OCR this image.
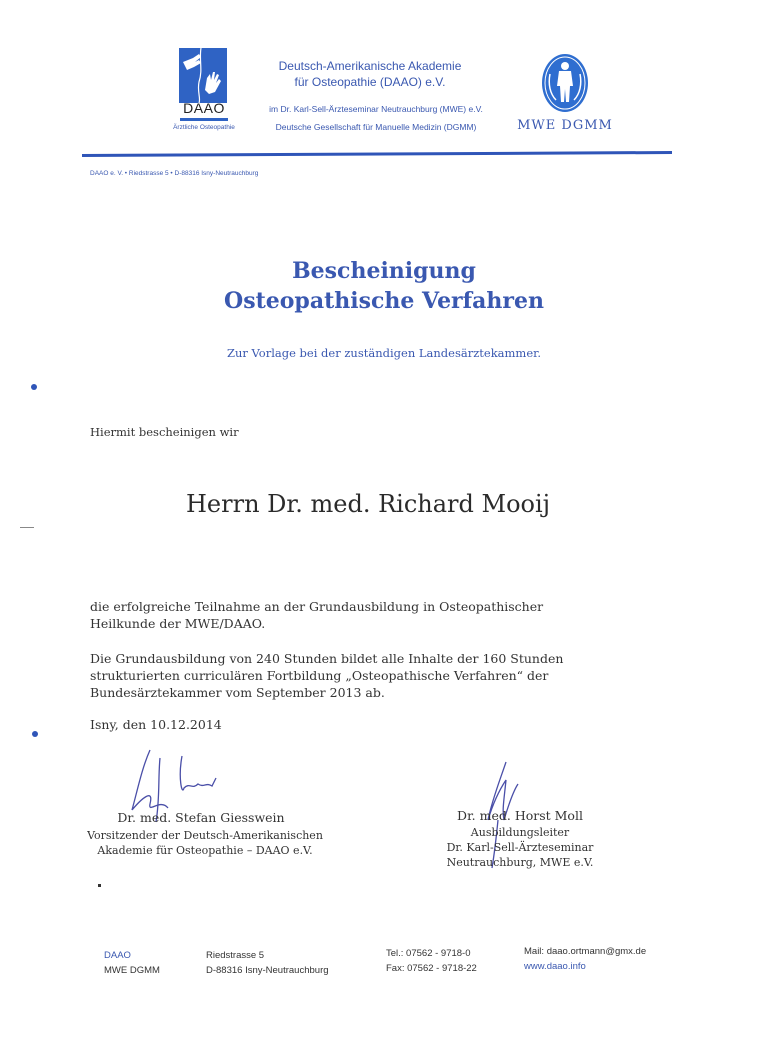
DAAO
Ärztliche Osteopathie
Deutsch-Amerikanische Akademie
für Osteopathie (DAAO) e.V.
im Dr. Karl-Sell-Ärzteseminar Neutrauchburg (MWE) e.V.
Deutsche Gesellschaft für Manuelle Medizin (DGMM)	MWE DGMM
DAAO e. V. • Riedstrasse 5 • D-88316 Isny-Neutrauchburg
Bescheinigung
Osteopathische Verfahren
Zur Vorlage bei der zuständigen Landesärztekammer.
Hiermit bescheinigen wir
Herrn Dr. med. Richard Mooij
die erfolgreiche Teilnahme an der Grundausbildung in Osteopathischer
Heilkunde der MWE/DAAO.
Die Grundausbildung von 240 Stunden bildet alle Inhalte der 160 Stunden
strukturierten curriculären Fortbildung „Osteopathische Verfahren“ der
Bundesärztekammer vom September 2013 ab.
Isny, den 10.12.2014
Dr. med. Stefan Giesswein
Vorsitzender der Deutsch-Amerikanischen
Akademie für Osteopathie – DAAO e.V.
Dr. med. Horst Moll
Ausbildungsleiter
Dr. Karl-Sell-Ärzteseminar
Neutrauchburg, MWE e.V.
DAAO
MWE DGMM
Riedstrasse 5
D-88316 Isny-Neutrauchburg
Tel.: 07562 - 9718-0
Fax: 07562 - 9718-22
Mail: daao.ortmann@gmx.de
www.daao.info
